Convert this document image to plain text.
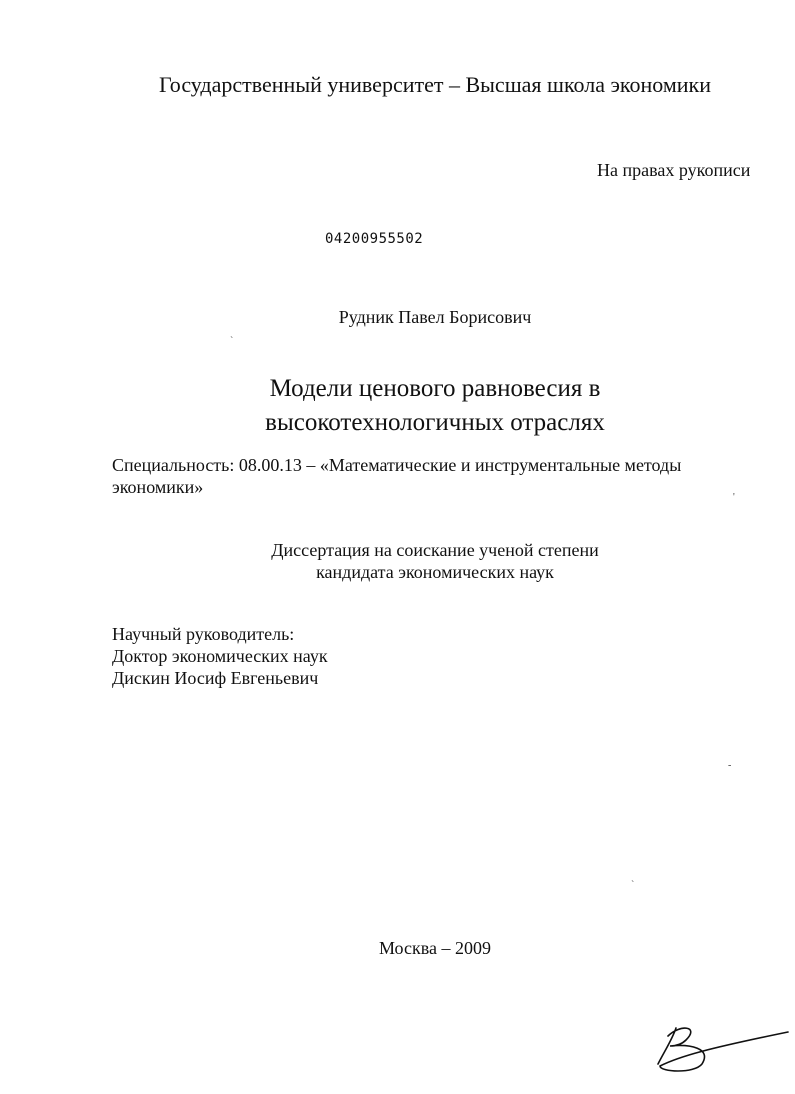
Государственный университет – Высшая школа экономики
На правах рукописи
04200955502
Рудник Павел Борисович
`
Модели ценового равновесия в
высокотехнологичных отраслях
Специальность: 08.00.13 – «Математические и инструментальные методы
экономики»
'
Диссертация на соискание ученой степени
кандидата экономических наук
Научный руководитель:
Доктор экономических наук
Дискин Иосиф Евгеньевич
-
`
Москва – 2009
